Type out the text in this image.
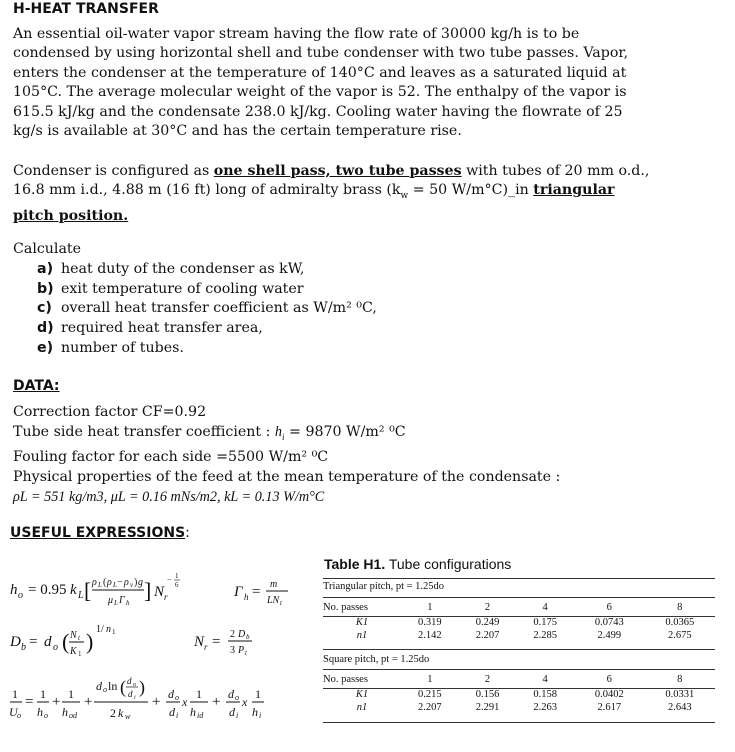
H-HEAT TRANSFER
An essential oil-water vapor stream having the flow rate of 30000 kg/h is to be
condensed by using horizontal shell and tube condenser with two tube passes. Vapor,
enters the condenser at the temperature of 140°C and leaves as a saturated liquid at
105°C. The average molecular weight of the vapor is 52. The enthalpy of the vapor is
615.5 kJ/kg and the condensate 238.0 kJ/kg. Cooling water having the flowrate of 25
kg/s is available at 30°C and has the certain temperature rise.
Condenser is configured as one shell pass, two tube passes with tubes of 20 mm o.d.,
16.8 mm i.d., 4.88 m (16 ft) long of admiralty brass ($k_w = 50$ W/m°C)_in triangular
pitch position.
Calculate
a) heat duty of the condenser as kW,
b) exit temperature of cooling water
c) overall heat transfer coefficient as W/m² ⁰C,
d) required heat transfer area,
e) number of tubes.
DATA:
Correction factor CF=0.92
Tube side heat transfer coefficient : $h_i = 9870$ W/m² ⁰C
Fouling factor for each side =5500 W/m² ⁰C
Physical properties of the feed at the mean temperature of the condensate :
ρL = 551 kg/m3, μL = 0.16 mNs/m2, kL = 0.13 W/m°C
USEFUL EXPRESSIONS:
h o = 0.95 k L [ ρ L ( ρ L − ρ v ) g
μ L Γ h ] N r
− 1
6	Γ h = m
LN t
D b = d o ( N t
K 1 ) 1/ n 1
N r = 2 D b
3 P t
1
U o
= 1
h o
+ 1
h od
+
d o ln ( d o
d i
)
2 k w
+ d o
d i
x
1
h id
+ d o
d i
x
1
h i
Table H1. Tube configurations
Triangular pitch, pt = 1.25do
No. passes	1	2	4	6	8
K1	0.319	0.249	0.175	0.0743	0.0365
n1	2.142	2.207	2.285	2.499	2.675
Square pitch, pt = 1.25do
No. passes	1	2	4	6	8
K1	0.215	0.156	0.158	0.0402	0.0331
n1	2.207	2.291	2.263	2.617	2.643
